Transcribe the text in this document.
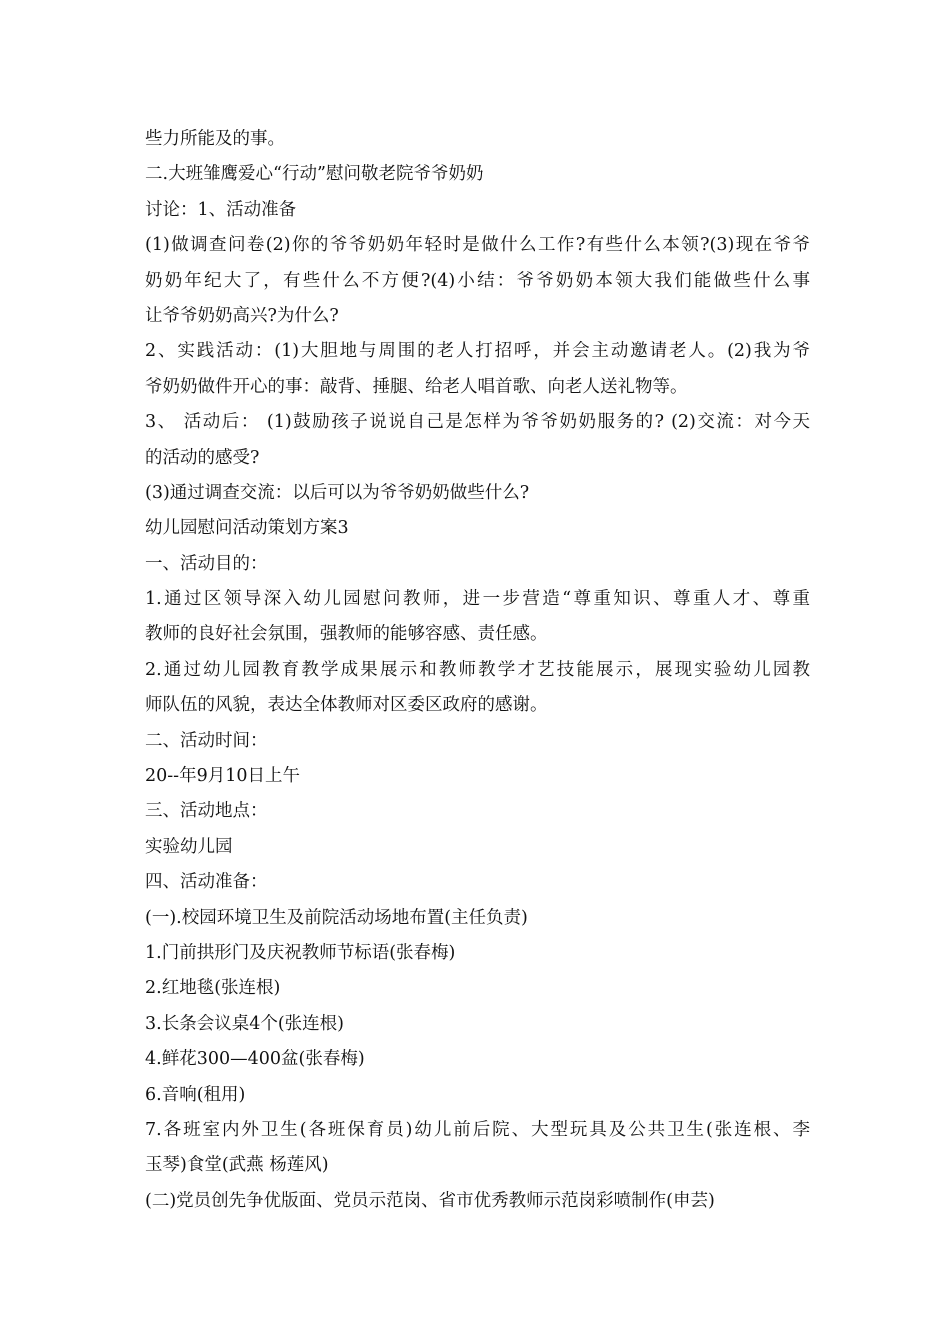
些力所能及的事。
二.大班雏鹰爱心“行动”慰问敬老院爷爷奶奶
讨论：1、活动准备
(1)做调查问卷(2)你的爷爷奶奶年轻时是做什么工作?有些什么本领?(3)现在爷爷
奶奶年纪大了，有些什么不方便?(4)小结：爷爷奶奶本领大我们能做些什么事
让爷爷奶奶高兴?为什么?
2、实践活动：(1)大胆地与周围的老人打招呼，并会主动邀请老人。(2)我为爷
爷奶奶做件开心的事：敲背、捶腿、给老人唱首歌、向老人送礼物等。
3、 活动后： (1)鼓励孩子说说自己是怎样为爷爷奶奶服务的? (2)交流：对今天
的活动的感受?
(3)通过调查交流：以后可以为爷爷奶奶做些什么?
幼儿园慰问活动策划方案3
一、活动目的：
1.通过区领导深入幼儿园慰问教师，进一步营造“尊重知识、尊重人才、尊重
教师的良好社会氛围，强教师的能够容感、责任感。
2.通过幼儿园教育教学成果展示和教师教学才艺技能展示，展现实验幼儿园教
师队伍的风貌，表达全体教师对区委区政府的感谢。
二、活动时间：
20--年9月10日上午
三、活动地点：
实验幼儿园
四、活动准备：
(一).校园环境卫生及前院活动场地布置(主任负责)
1.门前拱形门及庆祝教师节标语(张春梅)
2.红地毯(张连根)
3.长条会议桌4个(张连根)
4.鲜花300—400盆(张春梅)
6.音响(租用)
7.各班室内外卫生(各班保育员)幼儿前后院、大型玩具及公共卫生(张连根、李
玉琴)食堂(武燕 杨莲风)
(二)党员创先争优版面、党员示范岗、省市优秀教师示范岗彩喷制作(申芸)
